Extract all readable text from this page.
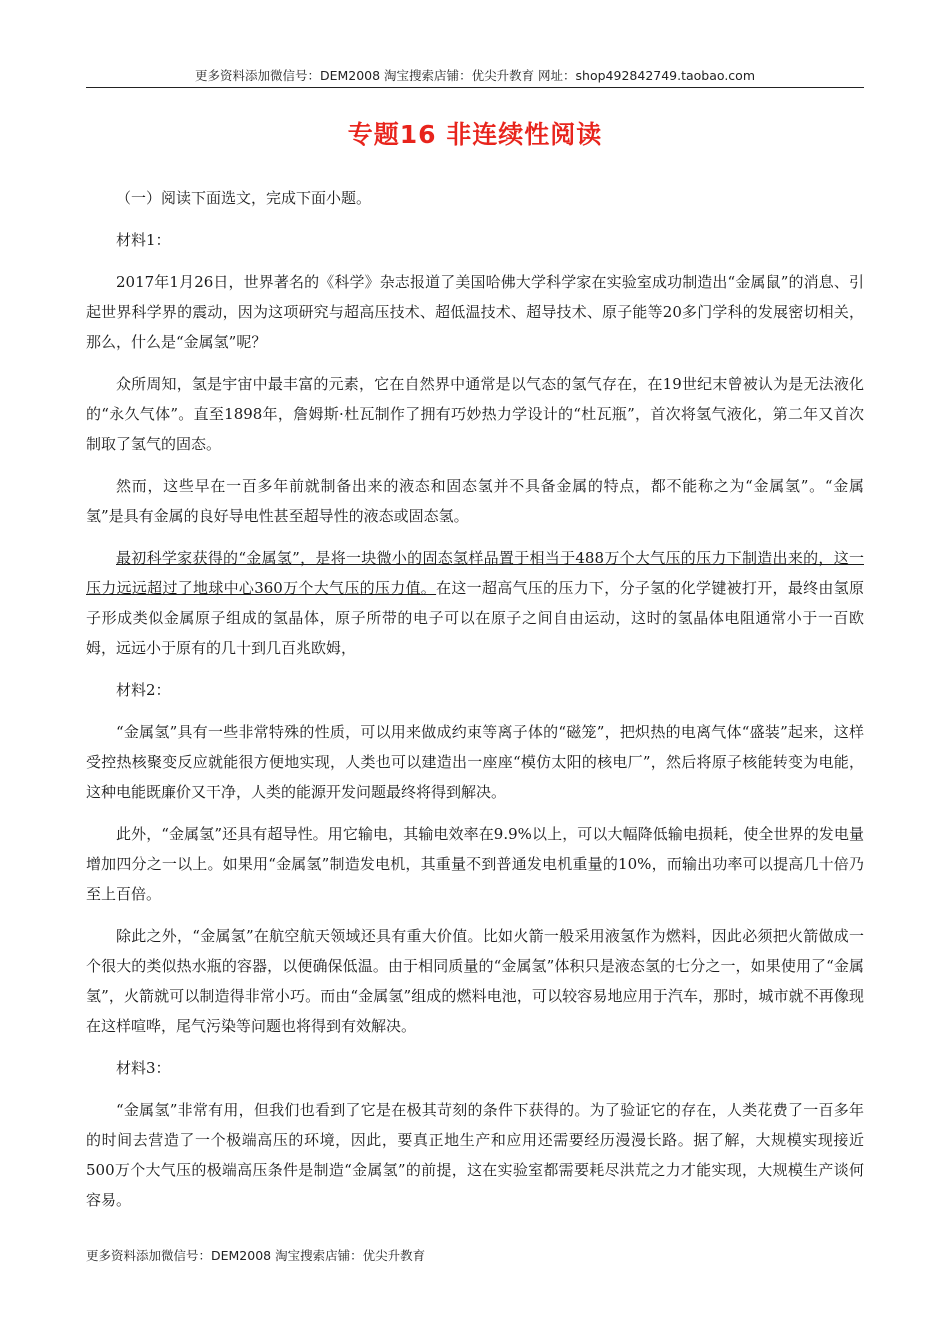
更多资料添加微信号：DEM2008 淘宝搜索店铺：优尖升教育 网址：shop492842749.taobao.com
专题16 非连续性阅读

（一）阅读下面选文，完成下面小题。

材料1：

2017年1月26日，世界著名的《科学》杂志报道了美国哈佛大学科学家在实验室成功制造出“金属鼠”的消息、引起世界科学界的震动，因为这项研究与超高压技术、超低温技术、超导技术、原子能等20多门学科的发展密切相关，那么，什么是“金属氢”呢？

众所周知，氢是宇宙中最丰富的元素，它在自然界中通常是以气态的氢气存在，在19世纪末曾被认为是无法液化的“永久气体”。直至1898年，詹姆斯·杜瓦制作了拥有巧妙热力学设计的“杜瓦瓶”，首次将氢气液化，第二年又首次制取了氢气的固态。

然而，这些早在一百多年前就制备出来的液态和固态氢并不具备金属的特点，都不能称之为“金属氢”。“金属氢”是具有金属的良好导电性甚至超导性的液态或固态氢。

最初科学家获得的“金属氢”，是将一块微小的固态氢样品置于相当于488万个大气压的压力下制造出来的，这一压力远远超过了地球中心360万个大气压的压力值。在这一超高气压的压力下，分子氢的化学键被打开，最终由氢原子形成类似金属原子组成的氢晶体，原子所带的电子可以在原子之间自由运动，这时的氢晶体电阻通常小于一百欧姆，远远小于原有的几十到几百兆欧姆，

材料2：

“金属氢”具有一些非常特殊的性质，可以用来做成约束等离子体的“磁笼”，把炽热的电离气体“盛装”起来，这样受控热核聚变反应就能很方便地实现，人类也可以建造出一座座“模仿太阳的核电厂”，然后将原子核能转变为电能，这种电能既廉价又干净，人类的能源开发问题最终将得到解决。

此外，“金属氢”还具有超导性。用它输电，其输电效率在9.9%以上，可以大幅降低输电损耗，使全世界的发电量增加四分之一以上。如果用“金属氢”制造发电机，其重量不到普通发电机重量的10%，而输出功率可以提高几十倍乃至上百倍。

除此之外，“金属氢”在航空航天领域还具有重大价值。比如火箭一般采用液氢作为燃料，因此必须把火箭做成一个很大的类似热水瓶的容器，以便确保低温。由于相同质量的“金属氢”体积只是液态氢的七分之一，如果使用了“金属氢”，火箭就可以制造得非常小巧。而由“金属氢”组成的燃料电池，可以较容易地应用于汽车，那时，城市就不再像现在这样喧哗，尾气污染等问题也将得到有效解决。

材料3：

“金属氢”非常有用，但我们也看到了它是在极其苛刻的条件下获得的。为了验证它的存在，人类花费了一百多年的时间去营造了一个极端高压的环境，因此，要真正地生产和应用还需要经历漫漫长路。据了解，大规模实现接近500万个大气压的极端高压条件是制造“金属氢”的前提，这在实验室都需要耗尽洪荒之力才能实现，大规模生产谈何容易。

更多资料添加微信号：DEM2008 淘宝搜索店铺：优尖升教育
